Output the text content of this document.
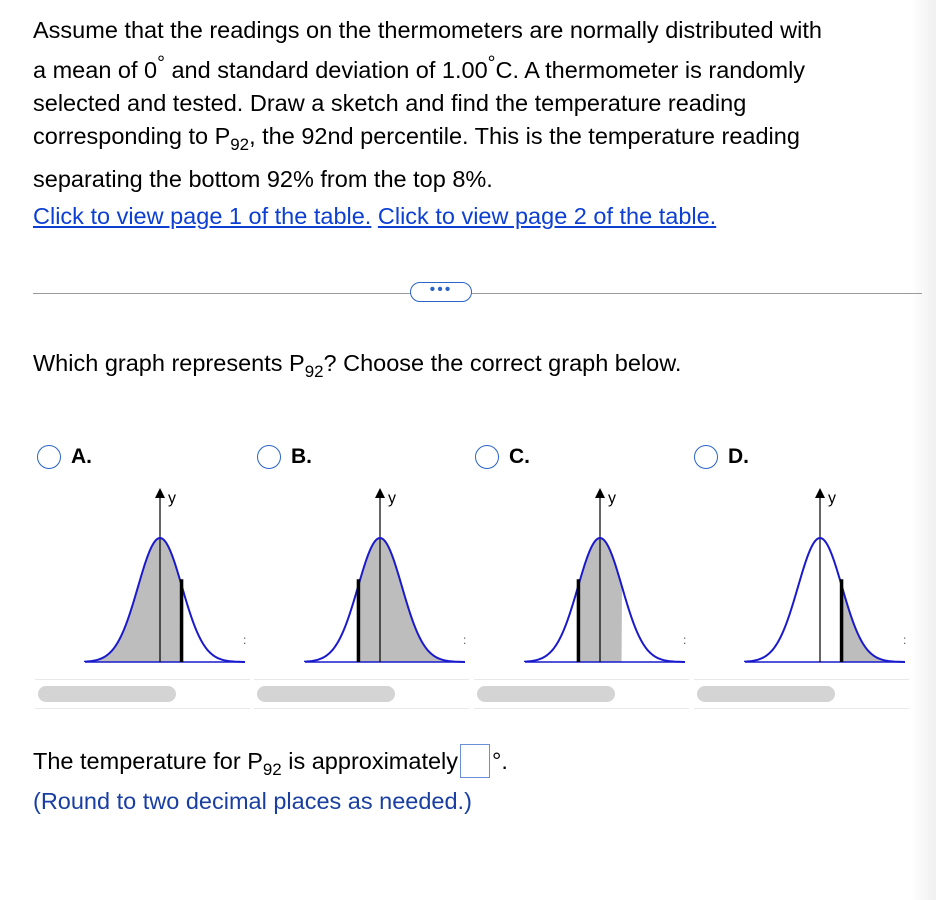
Assume that the readings on the thermometers are normally distributed with
a mean of 0° and standard deviation of 1.00°C. A thermometer is randomly
selected and tested. Draw a sketch and find the temperature reading
corresponding to $P_{92}$, the 92nd percentile. This is the temperature reading
separating the bottom 92% from the top 8%.

Click to view page 1 of the table. Click to view page 2 of the table.
•••
Which graph represents $P_{92}$? Choose the correct graph below.
A.
y
:
B.
y
:
C.
y
:
D.
y
:
The temperature for $P_{92}$ is approximately °.
(Round to two decimal places as needed.)
